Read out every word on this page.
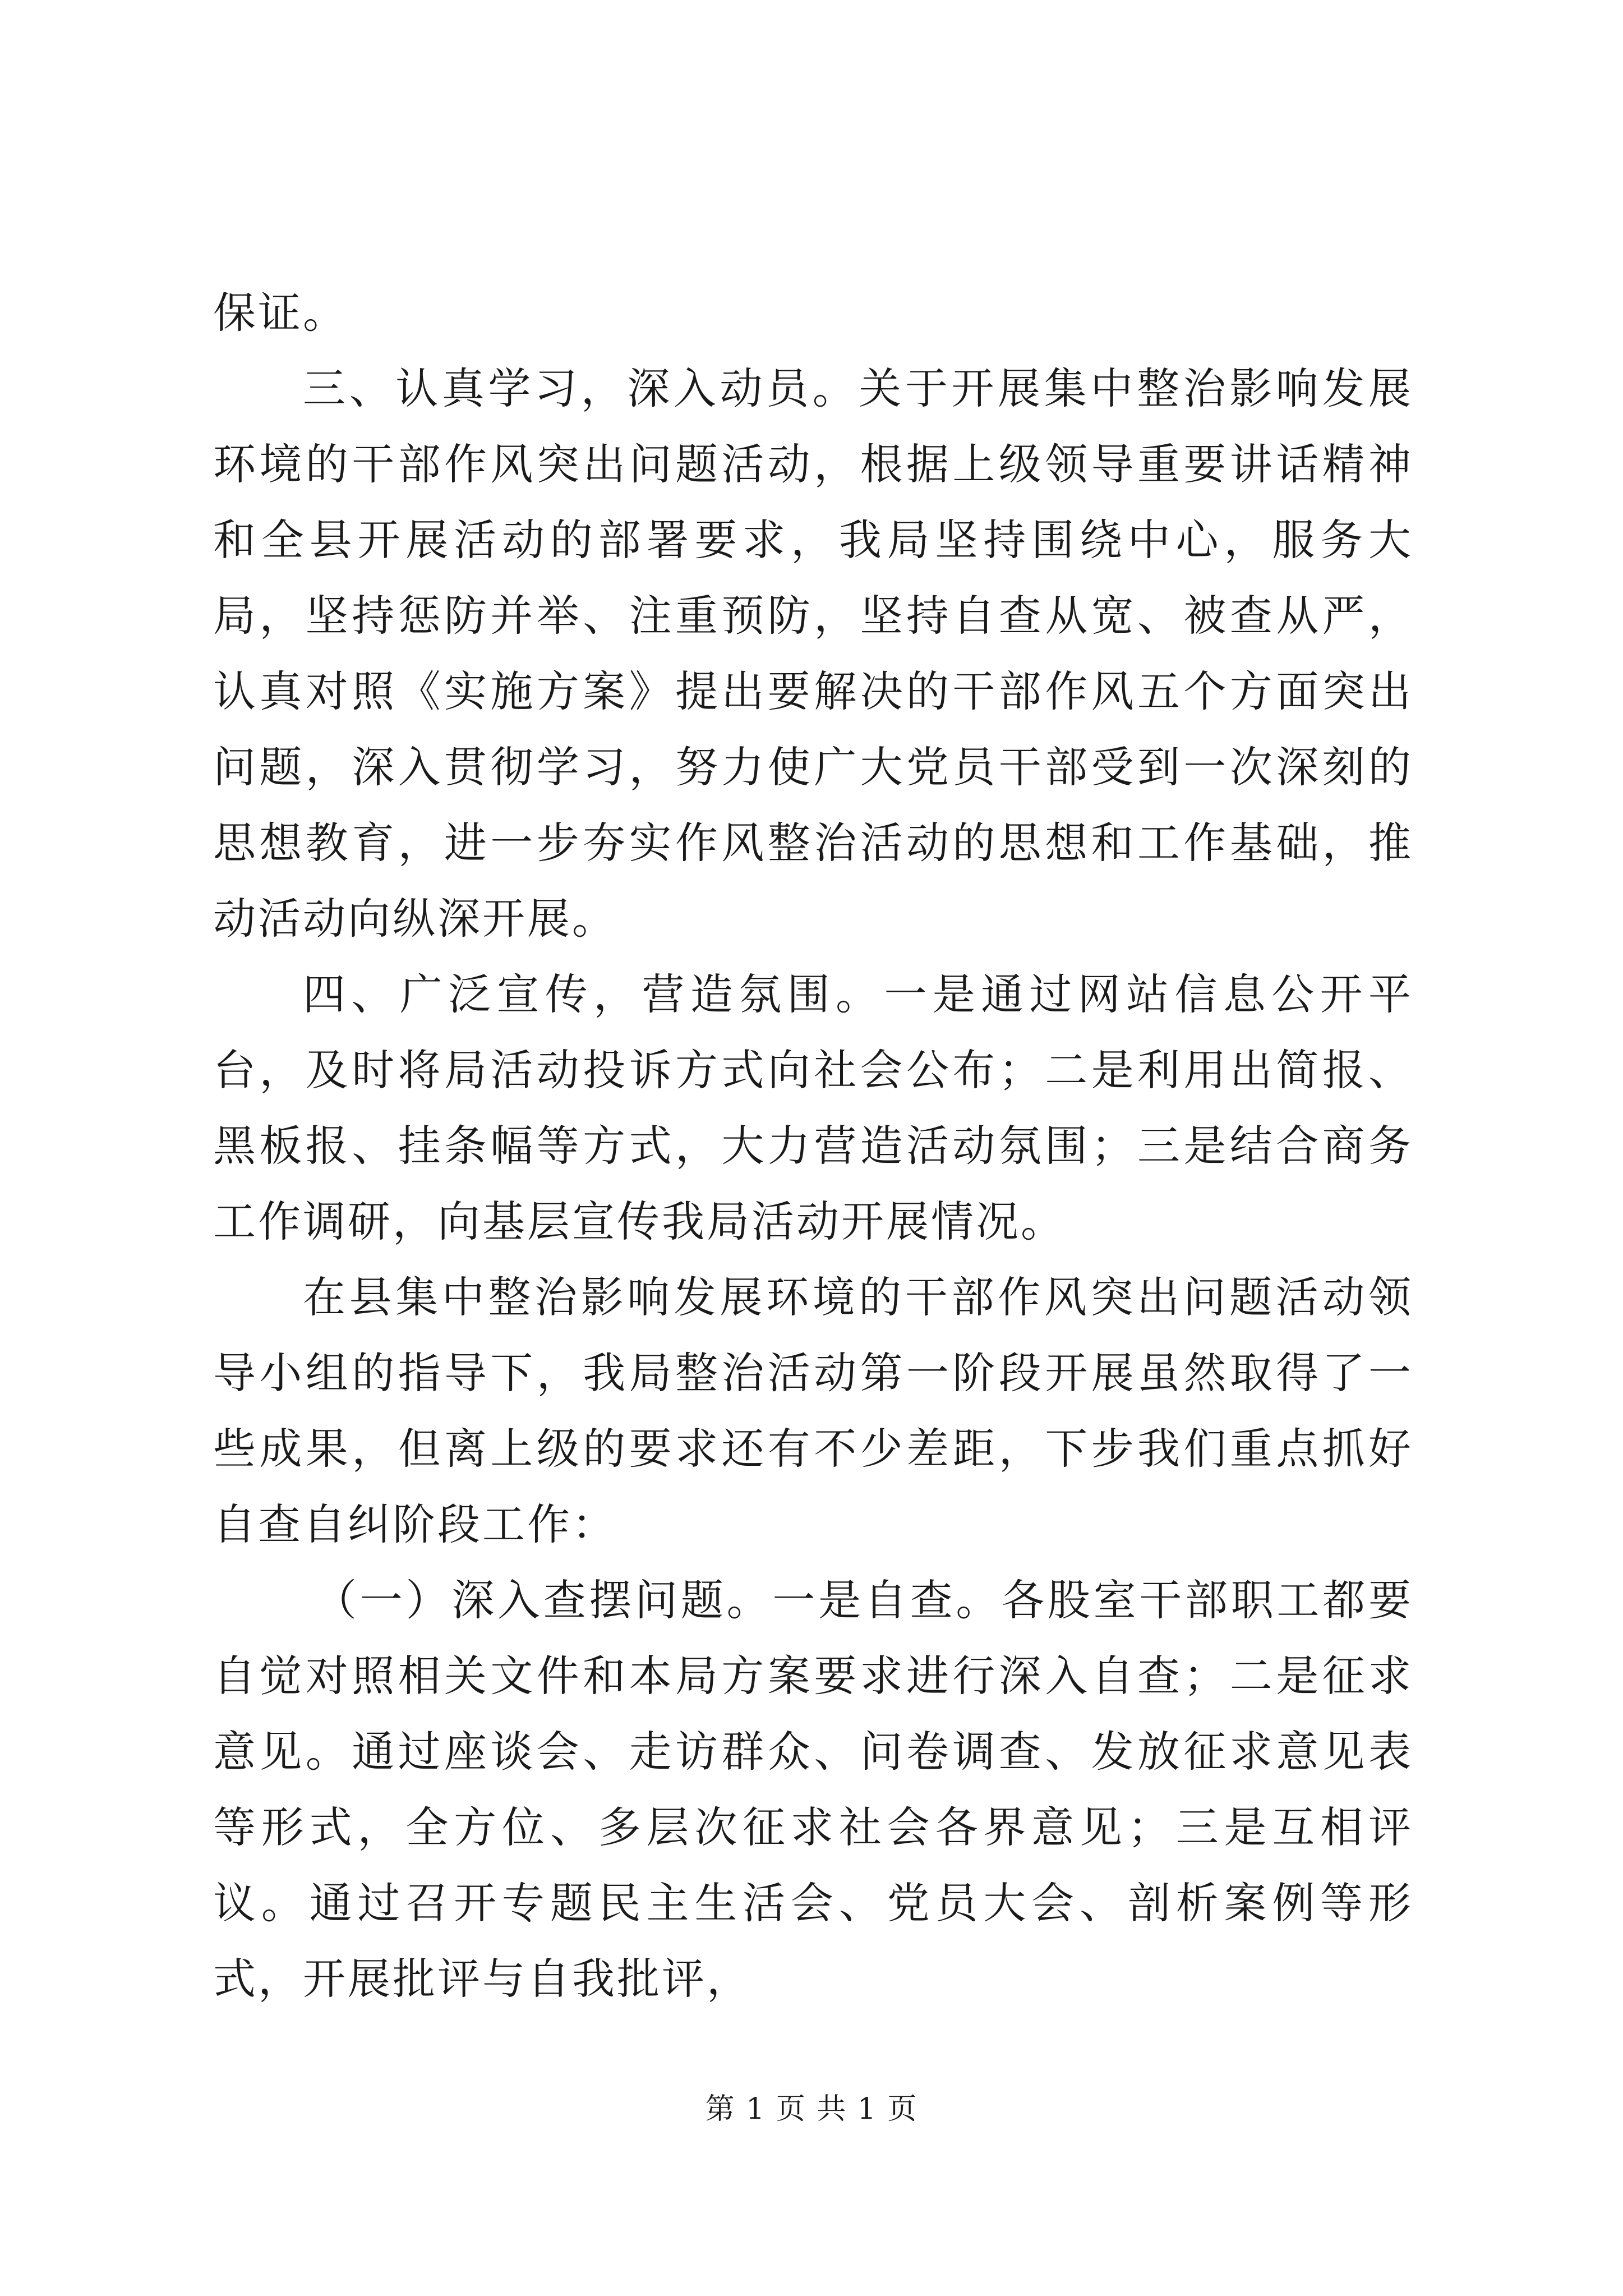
保证。

三、认真学习，深入动员。关于开展集中整治影响发展环境的干部作风突出问题活动，根据上级领导重要讲话精神和全县开展活动的部署要求，我局坚持围绕中心，服务大局，坚持惩防并举、注重预防，坚持自查从宽、被查从严，认真对照《实施方案》提出要解决的干部作风五个方面突出问题，深入贯彻学习，努力使广大党员干部受到一次深刻的思想教育，进一步夯实作风整治活动的思想和工作基础，推动活动向纵深开展。

四、广泛宣传，营造氛围。一是通过网站信息公开平台，及时将局活动投诉方式向社会公布；二是利用出简报、黑板报、挂条幅等方式，大力营造活动氛围；三是结合商务工作调研，向基层宣传我局活动开展情况。

在县集中整治影响发展环境的干部作风突出问题活动领导小组的指导下，我局整治活动第一阶段开展虽然取得了一些成果，但离上级的要求还有不少差距，下步我们重点抓好自查自纠阶段工作：

（一）深入查摆问题。一是自查。各股室干部职工都要自觉对照相关文件和本局方案要求进行深入自查；二是征求意见。通过座谈会、走访群众、问卷调查、发放征求意见表等形式，全方位、多层次征求社会各界意见；三是互相评议。通过召开专题民主生活会、党员大会、剖析案例等形式，开展批评与自我批评，

第 1 页 共 1 页
